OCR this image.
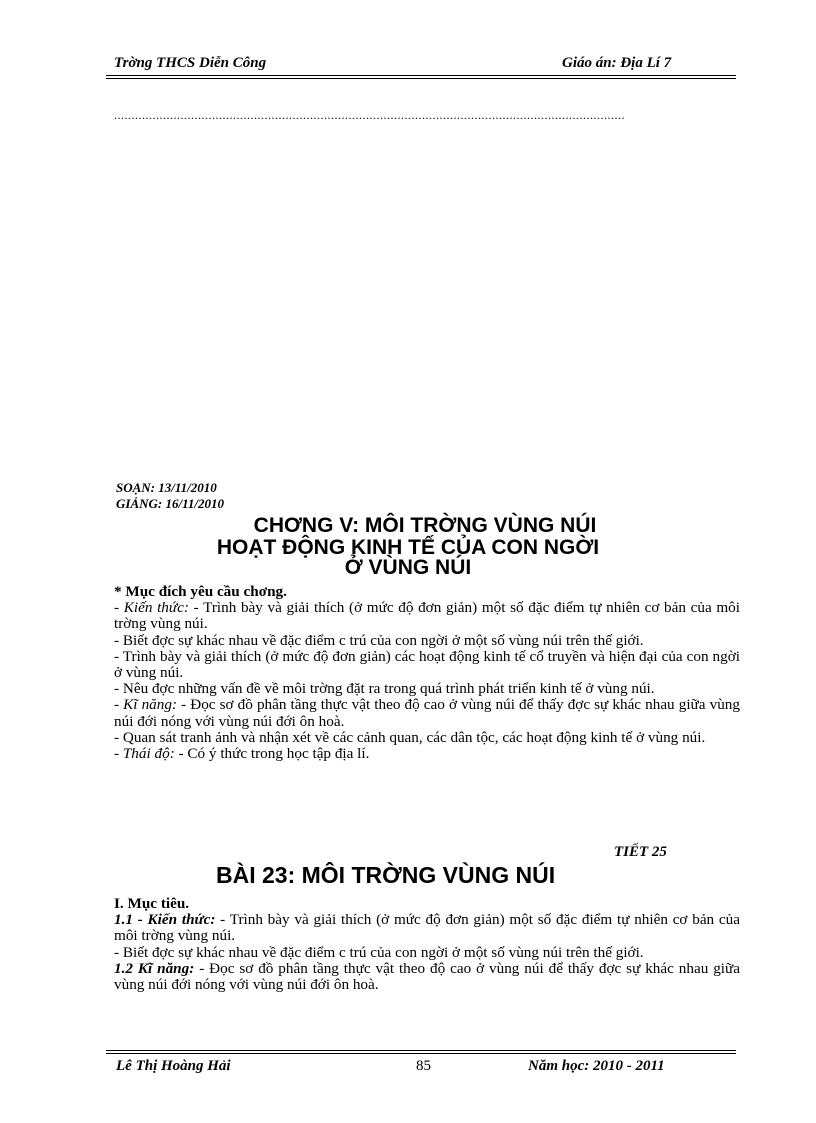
Trờng THCS Diễn Công	Giáo án: Địa Lí 7
..................................................................................................................................................
SOẠN: 13/11/2010
GIẢNG: 16/11/2010
CHƠNG V: MÔI TRỜNG VÙNG NÚI
HOẠT ĐỘNG KINH TẾ CỦA CON NGỜI
Ở VÙNG NÚI

* Mục đích yêu cầu chơng.

- Kiến thức: - Trình bày và giải thích (ở mức độ đơn giản) một số đặc điểm tự nhiên cơ bản của môi trờng vùng núi.

- Biết đợc sự khác nhau về đặc điểm c trú của con ngời ở một số vùng núi trên thế giới.

- Trình bày và giải thích (ở mức độ đơn giản) các hoạt động kinh tế cổ truyền và hiện đại của con ngời ở vùng núi.

- Nêu đợc những vấn đề về môi trờng đặt ra trong quá trình phát triển kinh tế ở vùng núi.

- Kĩ năng: - Đọc sơ đồ phân tầng thực vật theo độ cao ở vùng núi để thấy đợc sự khác nhau giữa vùng núi đới nóng với vùng núi đới ôn hoà.

- Quan sát tranh ảnh và nhận xét về các cảnh quan, các dân tộc, các hoạt động kinh tế ở vùng núi.

- Thái độ: - Có ý thức trong học tập địa lí.

TIẾT 25
BÀI 23: MÔI TRỜNG VÙNG NÚI

I. Mục tiêu.

1.1 - Kiến thức: - Trình bày và giải thích (ở mức độ đơn giản) một số đặc điểm tự nhiên cơ bản của môi trờng vùng núi.

- Biết đợc sự khác nhau về đặc điểm c trú của con ngời ở một số vùng núi trên thế giới.

1.2 Kĩ năng: - Đọc sơ đồ phân tầng thực vật theo độ cao ở vùng núi để thấy đợc sự khác nhau giữa vùng núi đới nóng với vùng núi đới ôn hoà.

Lê Thị Hoàng Hải	85	Năm học: 2010 - 2011
